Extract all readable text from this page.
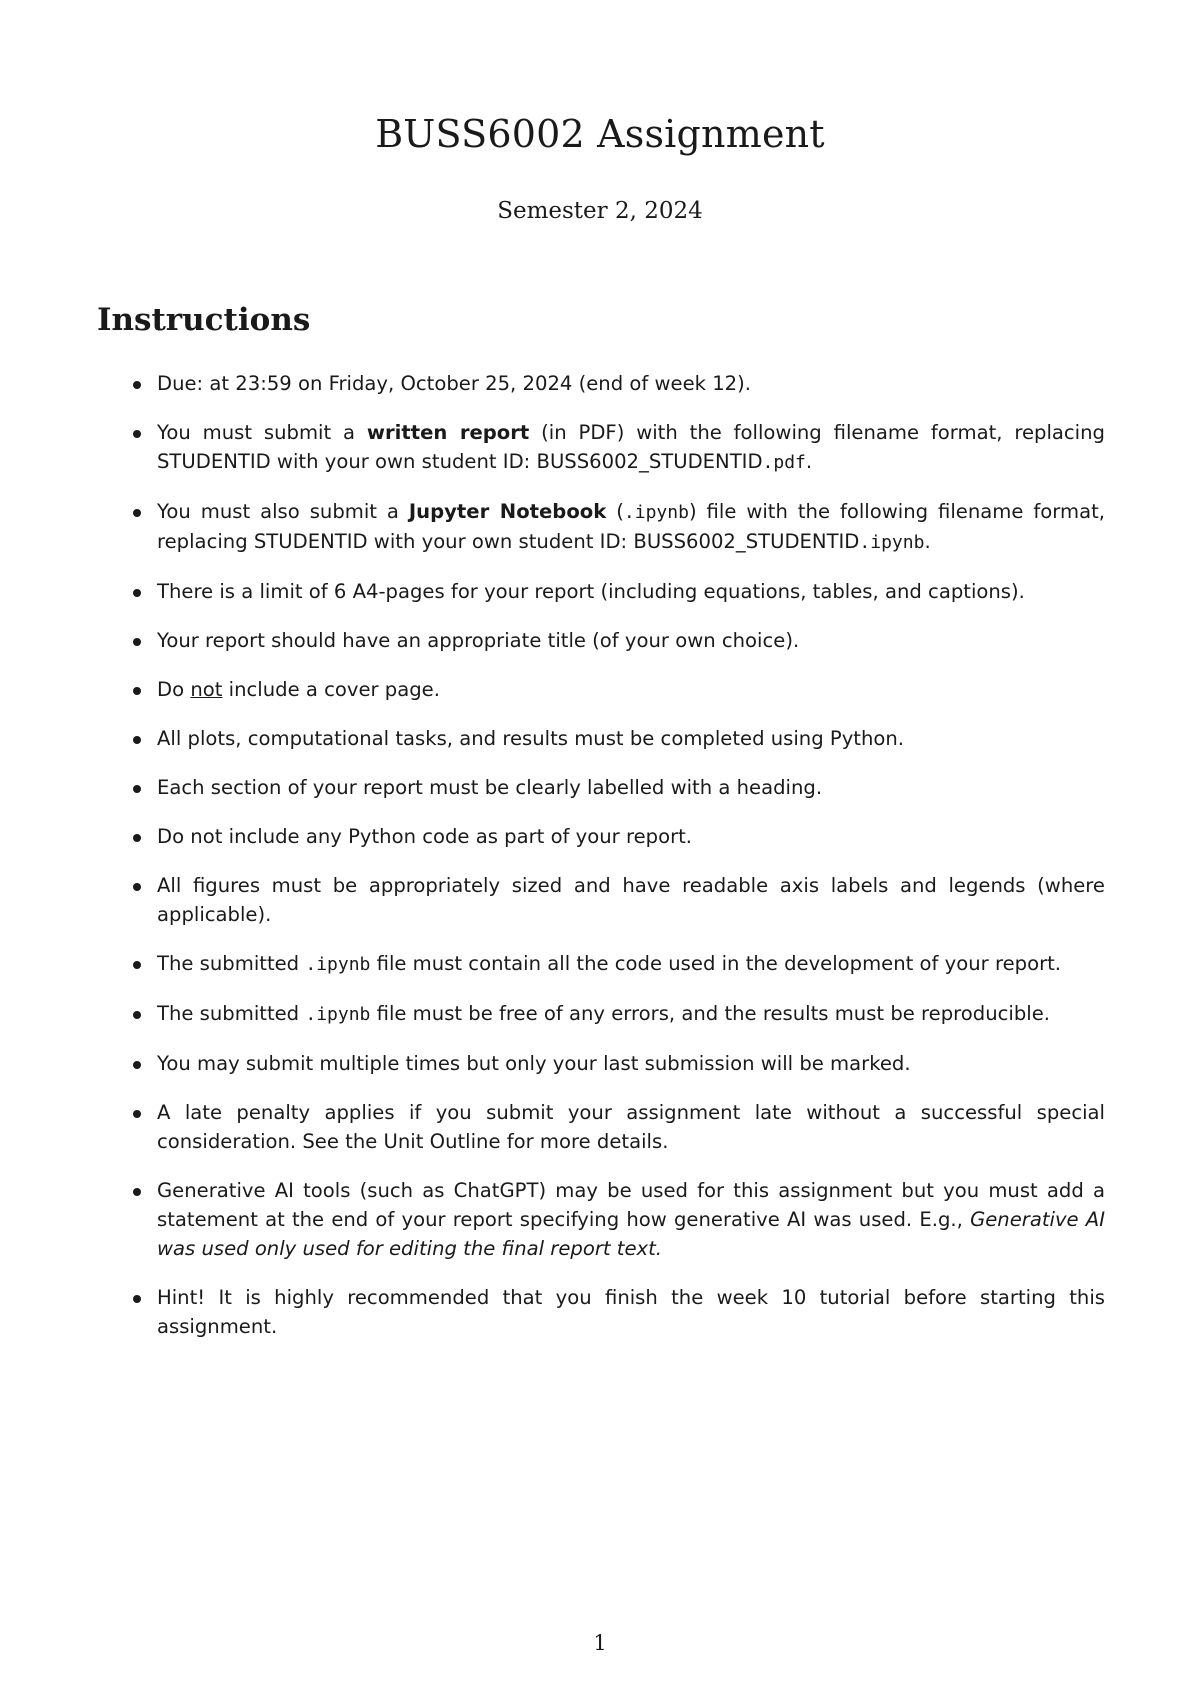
BUSS6002 Assignment
Semester 2, 2024
Instructions
Due: at 23:59 on Friday, October 25, 2024 (end of week 12).
You must submit a written report (in PDF) with the following filename format, replacing STUDENTID with your own student ID: BUSS6002_STUDENTID.pdf.
You must also submit a Jupyter Notebook (.ipynb) file with the following filename format, replacing STUDENTID with your own student ID: BUSS6002_STUDENTID.ipynb.
There is a limit of 6 A4-pages for your report (including equations, tables, and captions).
Your report should have an appropriate title (of your own choice).
Do not include a cover page.
All plots, computational tasks, and results must be completed using Python.
Each section of your report must be clearly labelled with a heading.
Do not include any Python code as part of your report.
All figures must be appropriately sized and have readable axis labels and legends (where applicable).
The submitted .ipynb file must contain all the code used in the development of your report.
The submitted .ipynb file must be free of any errors, and the results must be reproducible.
You may submit multiple times but only your last submission will be marked.
A late penalty applies if you submit your assignment late without a successful special consideration. See the Unit Outline for more details.
Generative AI tools (such as ChatGPT) may be used for this assignment but you must add a statement at the end of your report specifying how generative AI was used. E.g., Generative AI was used only used for editing the final report text.
Hint! It is highly recommended that you finish the week 10 tutorial before starting this assignment.
1
